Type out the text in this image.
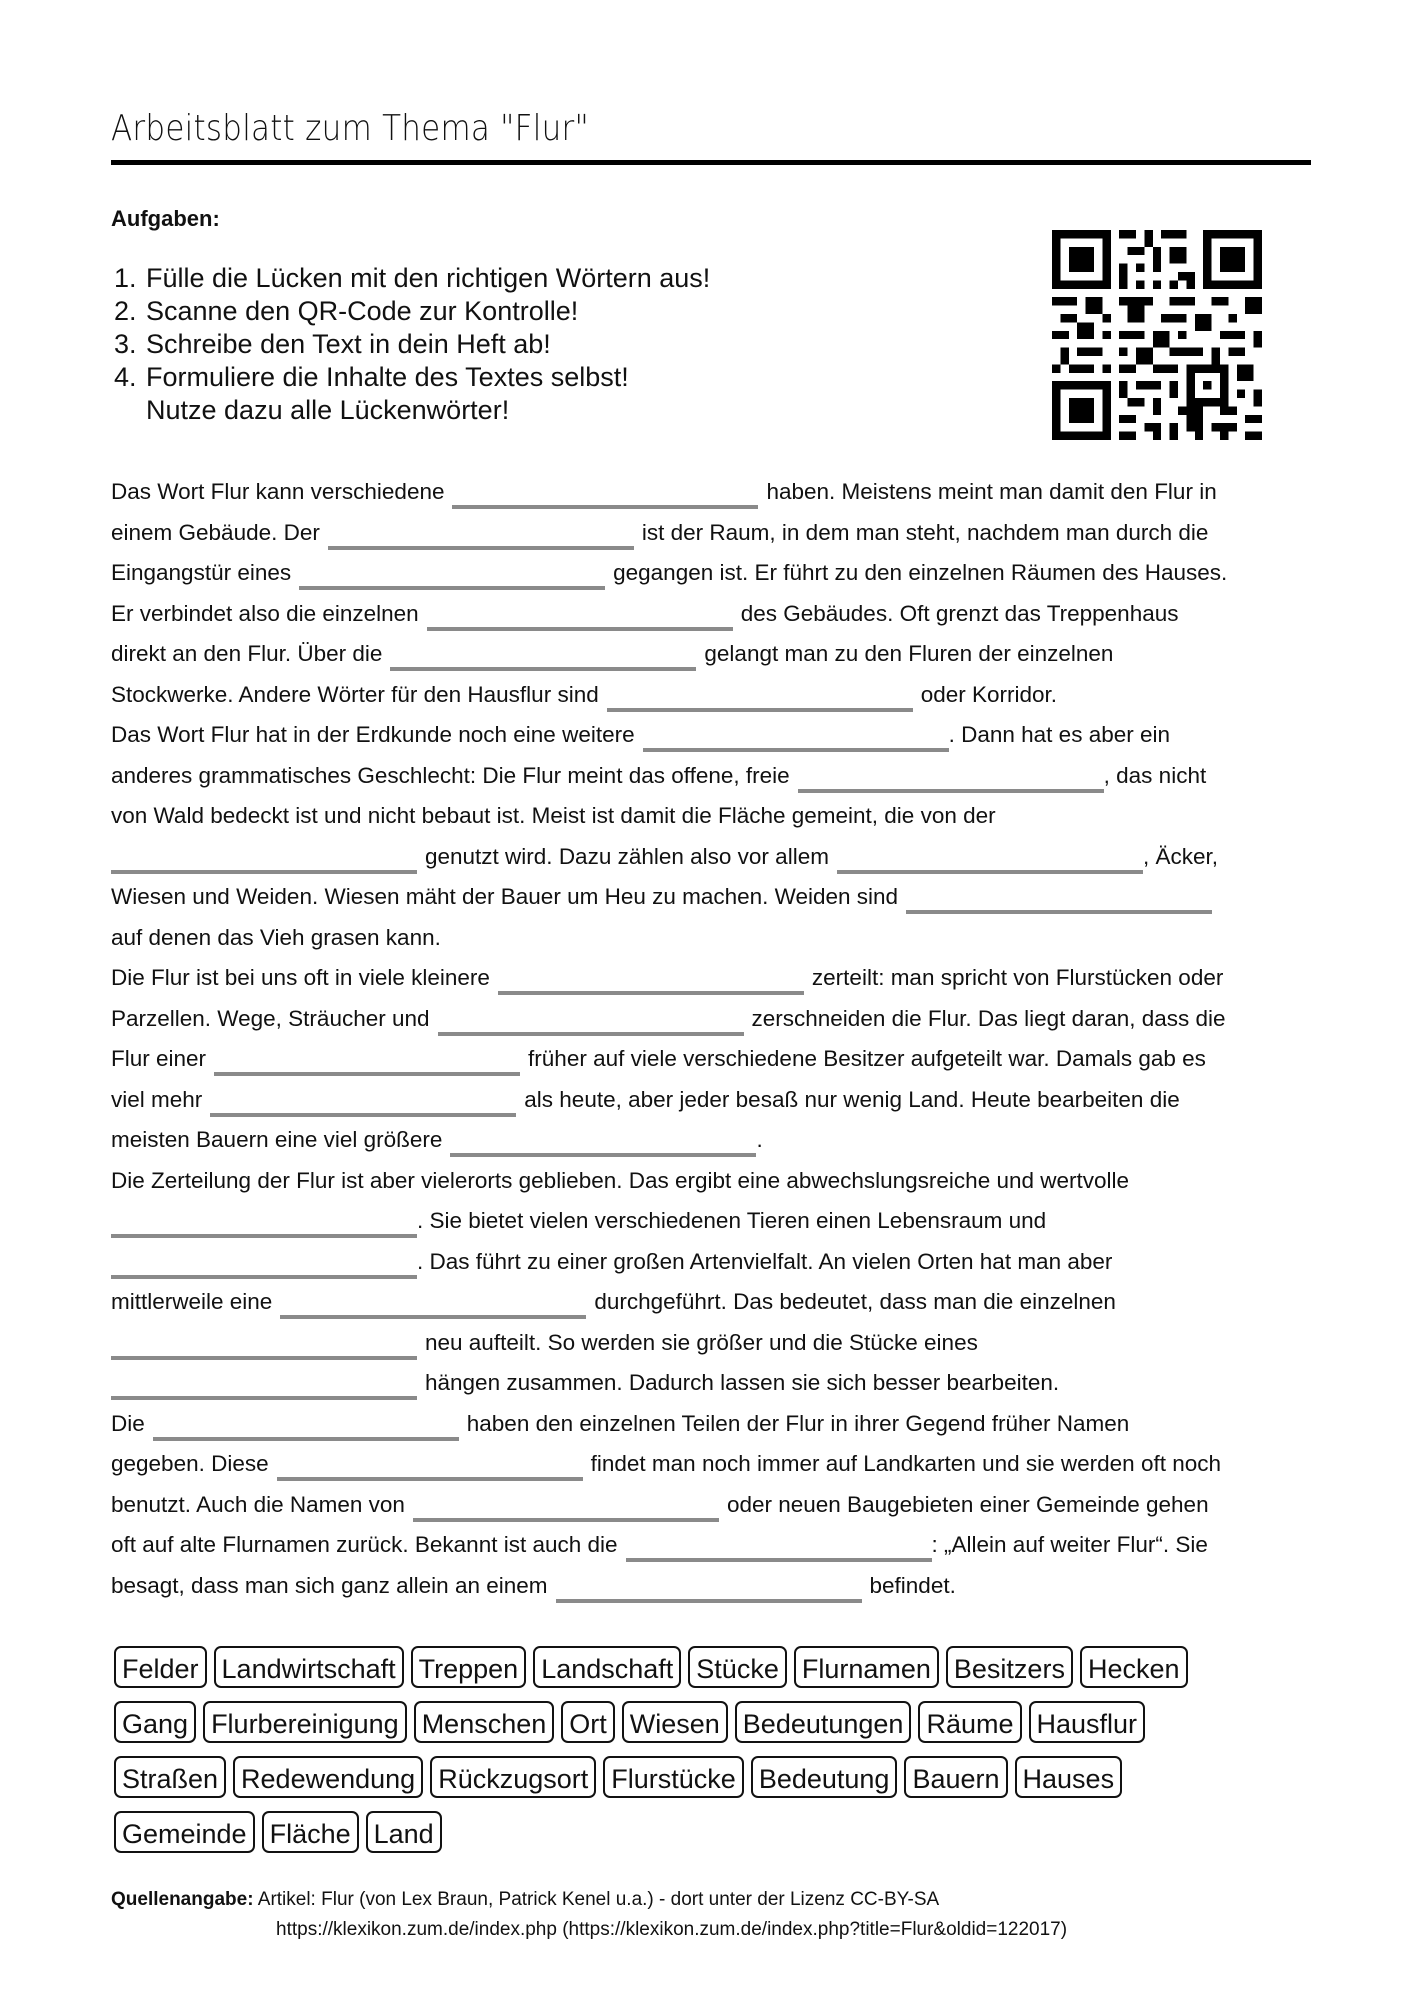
Arbeitsblatt zum Thema "Flur"
Aufgaben:
1. Fülle die Lücken mit den richtigen Wörtern aus!
2. Scanne den QR-Code zur Kontrolle!
3. Schreibe den Text in dein Heft ab!
4. Formuliere die Inhalte des Textes selbst!
Nutze dazu alle Lückenwörter!
Das Wort Flur kann verschiedene	haben. Meistens meint man damit den Flur in
einem Gebäude. Der	ist der Raum, in dem man steht, nachdem man durch die
Eingangstür eines	gegangen ist. Er führt zu den einzelnen Räumen des Hauses.
Er verbindet also die einzelnen	des Gebäudes. Oft grenzt das Treppenhaus
direkt an den Flur. Über die	gelangt man zu den Fluren der einzelnen
Stockwerke. Andere Wörter für den Hausflur sind	oder Korridor.
Das Wort Flur hat in der Erdkunde noch eine weitere	. Dann hat es aber ein
anderes grammatisches Geschlecht: Die Flur meint das offene, freie	, das nicht
von Wald bedeckt ist und nicht bebaut ist. Meist ist damit die Fläche gemeint, die von der
genutzt wird. Dazu zählen also vor allem	, Äcker,
Wiesen und Weiden. Wiesen mäht der Bauer um Heu zu machen. Weiden sind
auf denen das Vieh grasen kann.
Die Flur ist bei uns oft in viele kleinere	zerteilt: man spricht von Flurstücken oder
Parzellen. Wege, Sträucher und	zerschneiden die Flur. Das liegt daran, dass die
Flur einer	früher auf viele verschiedene Besitzer aufgeteilt war. Damals gab es
viel mehr	als heute, aber jeder besaß nur wenig Land. Heute bearbeiten die
meisten Bauern eine viel größere	.
Die Zerteilung der Flur ist aber vielerorts geblieben. Das ergibt eine abwechslungsreiche und wertvolle
. Sie bietet vielen verschiedenen Tieren einen Lebensraum und
. Das führt zu einer großen Artenvielfalt. An vielen Orten hat man aber
mittlerweile eine	durchgeführt. Das bedeutet, dass man die einzelnen
neu aufteilt. So werden sie größer und die Stücke eines
hängen zusammen. Dadurch lassen sie sich besser bearbeiten.
Die	haben den einzelnen Teilen der Flur in ihrer Gegend früher Namen
gegeben. Diese	findet man noch immer auf Landkarten und sie werden oft noch
benutzt. Auch die Namen von	oder neuen Baugebieten einer Gemeinde gehen
oft auf alte Flurnamen zurück. Bekannt ist auch die	: „Allein auf weiter Flur“. Sie
besagt, dass man sich ganz allein an einem	befindet.
Felder Landwirtschaft Treppen Landschaft Stücke Flurnamen Besitzers Hecken
Gang Flurbereinigung Menschen Ort Wiesen Bedeutungen Räume Hausflur
Straßen Redewendung Rückzugsort Flurstücke Bedeutung Bauern Hauses
Gemeinde Fläche Land
Quellenangabe: Artikel: Flur (von Lex Braun, Patrick Kenel u.a.) - dort unter der Lizenz CC-BY-SA
https://klexikon.zum.de/index.php (https://klexikon.zum.de/index.php?title=Flur&oldid=122017)
